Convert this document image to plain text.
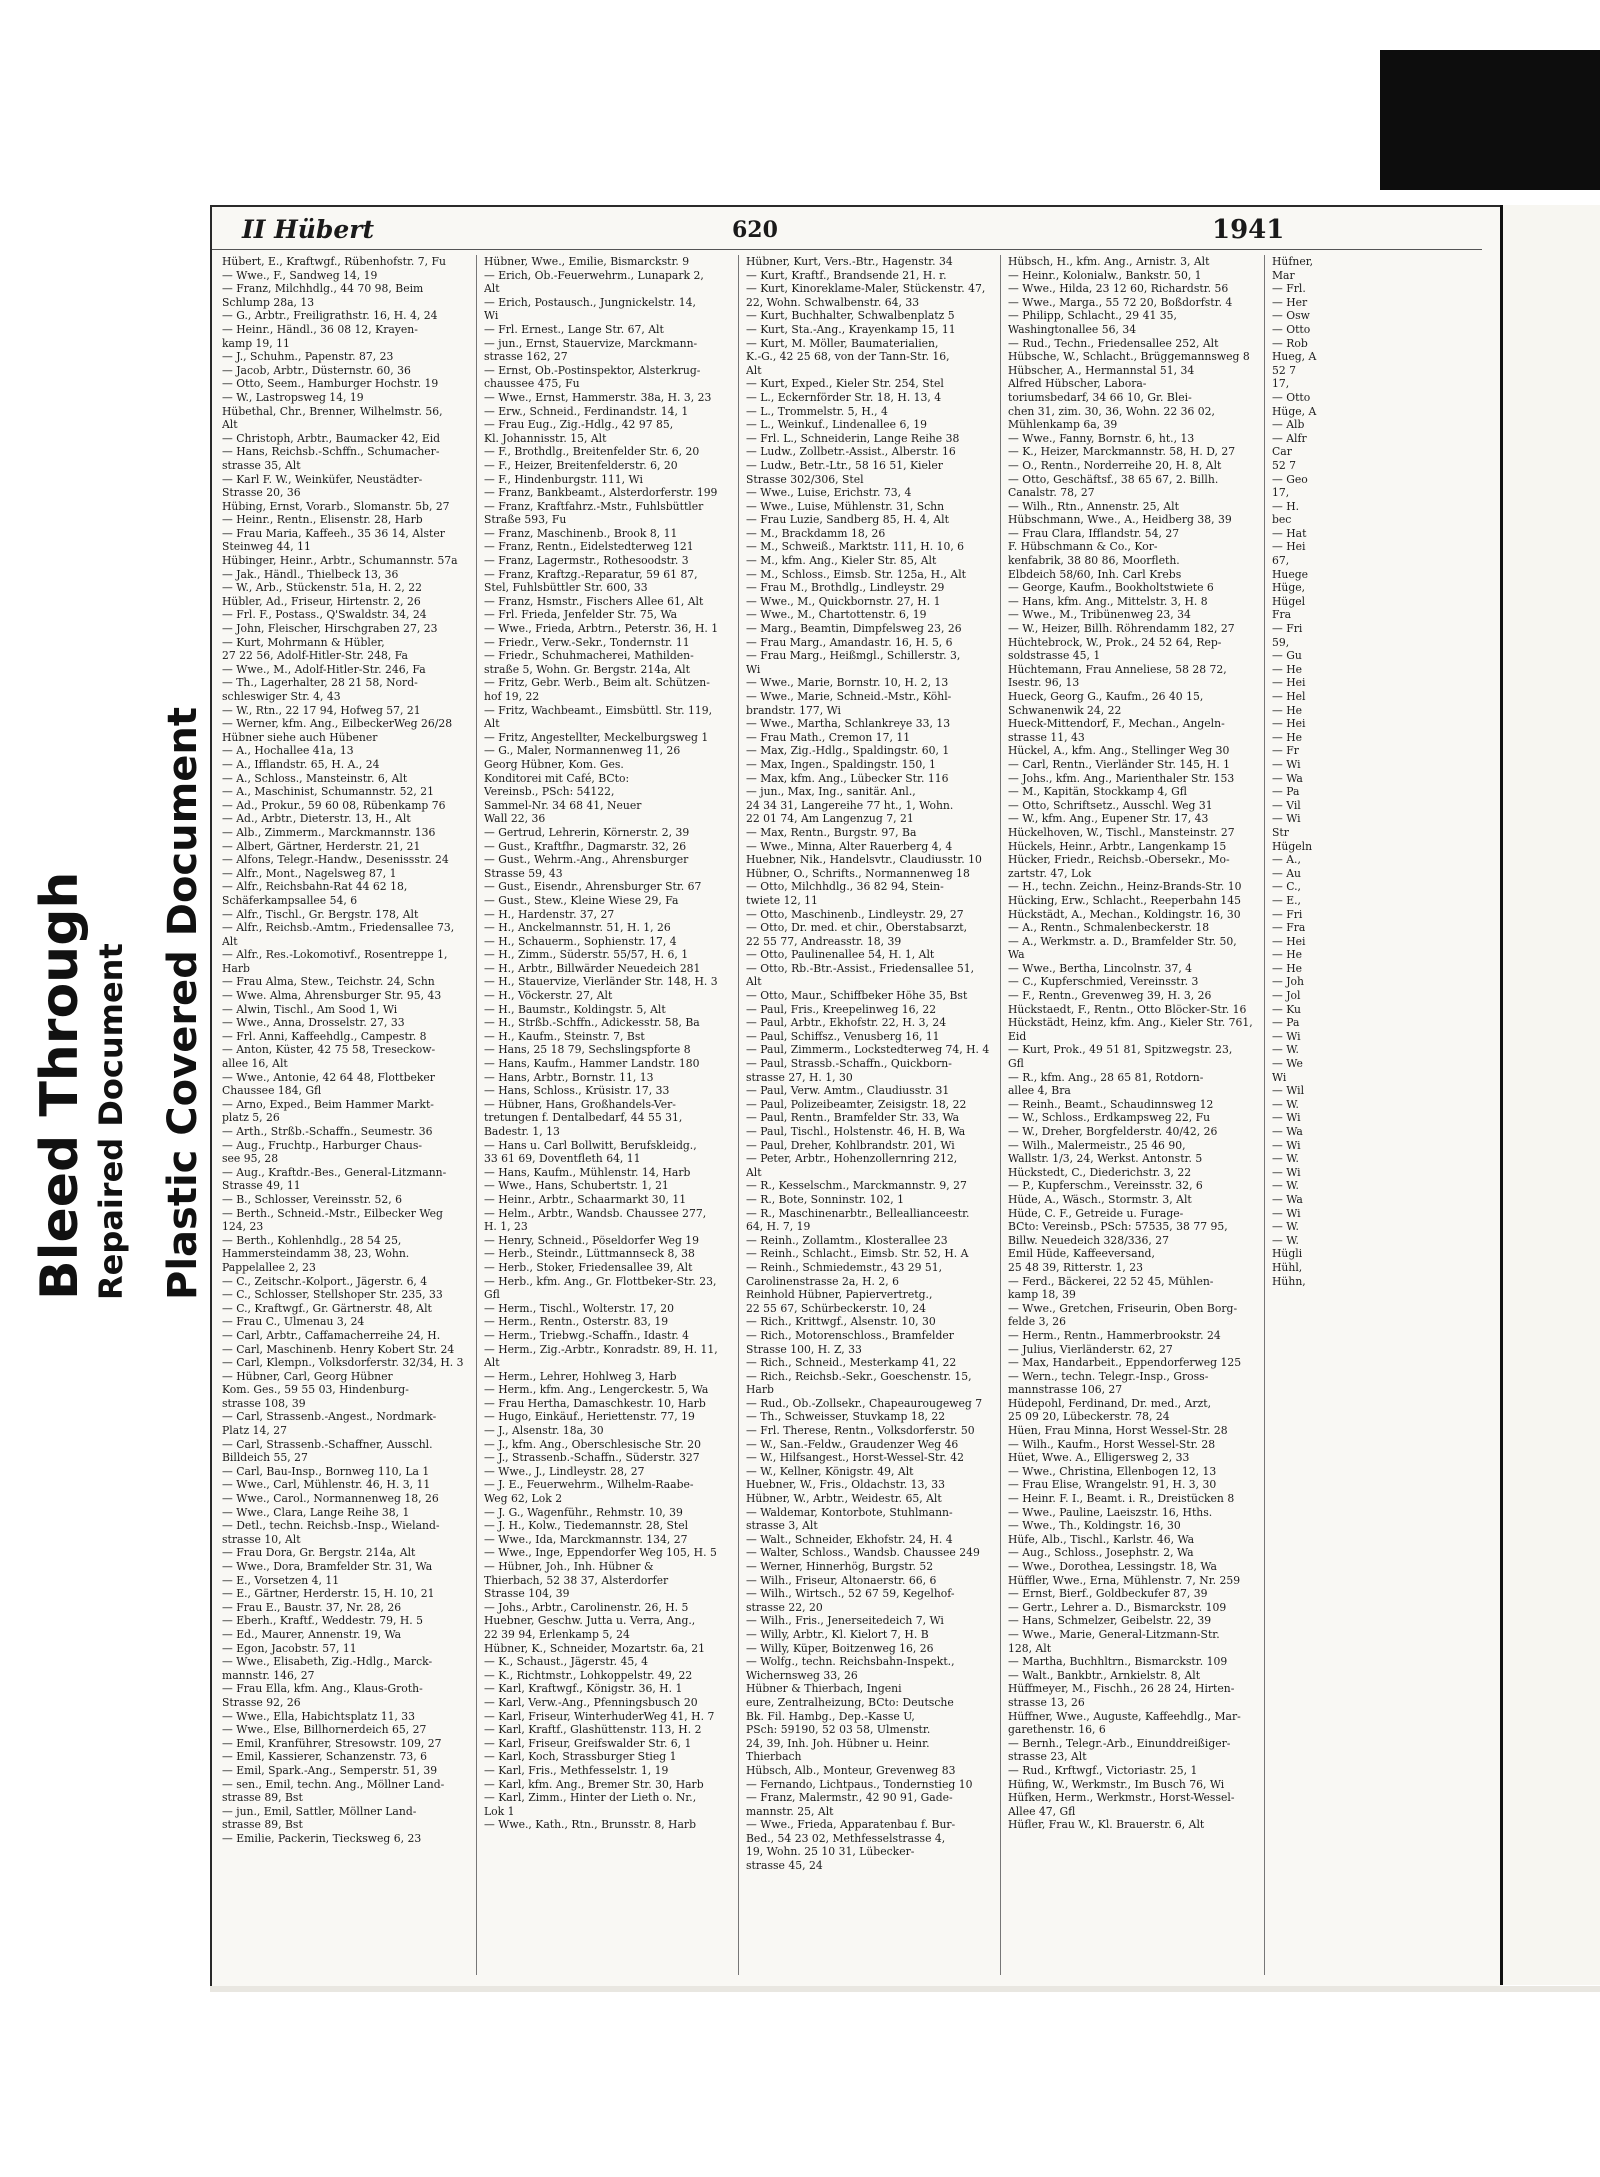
Bleed Through Repaired Document Plastic Covered Document
II Hübert	620	1941
Hübert, E., Kraftwgf., Rübenhofstr. 7, Fu
— Wwe., F., Sandweg 14, 19
— Franz, Milchhdlg., 44 70 98, Beim
Schlump 28a, 13
— G., Arbtr., Freiligrathstr. 16, H. 4, 24
— Heinr., Händl., 36 08 12, Krayen-
kamp 19, 11
— J., Schuhm., Papenstr. 87, 23
— Jacob, Arbtr., Düsternstr. 60, 36
— Otto, Seem., Hamburger Hochstr. 19
— W., Lastropsweg 14, 19
Hübethal, Chr., Brenner, Wilhelmstr. 56,
Alt
— Christoph, Arbtr., Baumacker 42, Eid
— Hans, Reichsb.-Schffn., Schumacher-
strasse 35, Alt
— Karl F. W., Weinküfer, Neustädter-
Strasse 20, 36
Hübing, Ernst, Vorarb., Slomanstr. 5b, 27
— Heinr., Rentn., Elisenstr. 28, Harb
— Frau Maria, Kaffeeh., 35 36 14, Alster
Steinweg 44, 11
Hübinger, Heinr., Arbtr., Schumannstr. 57a
— Jak., Händl., Thielbeck 13, 36
— W., Arb., Stückenstr. 51a, H. 2, 22
Hübler, Ad., Friseur, Hirtenstr. 2, 26
— Frl. F., Postass., Q'Swaldstr. 34, 24
— John, Fleischer, Hirschgraben 27, 23
— Kurt, Mohrmann & Hübler,
27 22 56, Adolf-Hitler-Str. 248, Fa
— Wwe., M., Adolf-Hitler-Str. 246, Fa
— Th., Lagerhalter, 28 21 58, Nord-
schleswiger Str. 4, 43
— W., Rtn., 22 17 94, Hofweg 57, 21
— Werner, kfm. Ang., EilbeckerWeg 26/28
Hübner siehe auch Hübener
— A., Hochallee 41a, 13
— A., Ifflandstr. 65, H. A., 24
— A., Schloss., Mansteinstr. 6, Alt
— A., Maschinist, Schumannstr. 52, 21
— Ad., Prokur., 59 60 08, Rübenkamp 76
— Ad., Arbtr., Dieterstr. 13, H., Alt
— Alb., Zimmerm., Marckmannstr. 136
— Albert, Gärtner, Herderstr. 21, 21
— Alfons, Telegr.-Handw., Desenissstr. 24
— Alfr., Mont., Nagelsweg 87, 1
— Alfr., Reichsbahn-Rat 44 62 18,
Schäferkampsallee 54, 6
— Alfr., Tischl., Gr. Bergstr. 178, Alt
— Alfr., Reichsb.-Amtm., Friedensallee 73,
Alt
— Alfr., Res.-Lokomotivf., Rosentreppe 1,
Harb
— Frau Alma, Stew., Teichstr. 24, Schn
— Wwe. Alma, Ahrensburger Str. 95, 43
— Alwin, Tischl., Am Sood 1, Wi
— Wwe., Anna, Drosselstr. 27, 33
— Frl. Anni, Kaffeehdlg., Campestr. 8
— Anton, Küster, 42 75 58, Treseckow-
allee 16, Alt
— Wwe., Antonie, 42 64 48, Flottbeker
Chaussee 184, Gfl
— Arno, Exped., Beim Hammer Markt-
platz 5, 26
— Arth., Strßb.-Schaffn., Seumestr. 36
— Aug., Fruchtp., Harburger Chaus-
see 95, 28
— Aug., Kraftdr.-Bes., General-Litzmann-
Strasse 49, 11
— B., Schlosser, Vereinsstr. 52, 6
— Berth., Schneid.-Mstr., Eilbecker Weg
124, 23
— Berth., Kohlenhdlg., 28 54 25,
Hammersteindamm 38, 23, Wohn.
Pappelallee 2, 23
— C., Zeitschr.-Kolport., Jägerstr. 6, 4
— C., Schlosser, Stellshoper Str. 235, 33
— C., Kraftwgf., Gr. Gärtnerstr. 48, Alt
— Frau C., Ulmenau 3, 24
— Carl, Arbtr., Caffamacherreihe 24, H.
— Carl, Maschinenb. Henry Kobert Str. 24
— Carl, Klempn., Volksdorferstr. 32/34, H. 3
— Hübner, Carl, Georg Hübner
Kom. Ges., 59 55 03, Hindenburg-
strasse 108, 39
— Carl, Strassenb.-Angest., Nordmark-
Platz 14, 27
— Carl, Strassenb.-Schaffner, Ausschl.
Billdeich 55, 27
— Carl, Bau-Insp., Bornweg 110, La 1
— Wwe., Carl, Mühlenstr. 46, H. 3, 11
— Wwe., Carol., Normannenweg 18, 26
— Wwe., Clara, Lange Reihe 38, 1
— Detl., techn. Reichsb.-Insp., Wieland-
strasse 10, Alt
— Frau Dora, Gr. Bergstr. 214a, Alt
— Wwe., Dora, Bramfelder Str. 31, Wa
— E., Vorsetzen 4, 11
— E., Gärtner, Herderstr. 15, H. 10, 21
— Frau E., Baustr. 37, Nr. 28, 26
— Eberh., Kraftf., Weddestr. 79, H. 5
— Ed., Maurer, Annenstr. 19, Wa
— Egon, Jacobstr. 57, 11
— Wwe., Elisabeth, Zig.-Hdlg., Marck-
mannstr. 146, 27
— Frau Ella, kfm. Ang., Klaus-Groth-
Strasse 92, 26
— Wwe., Ella, Habichtsplatz 11, 33
— Wwe., Else, Billhornerdeich 65, 27
— Emil, Kranführer, Stresowstr. 109, 27
— Emil, Kassierer, Schanzenstr. 73, 6
— Emil, Spark.-Ang., Semperstr. 51, 39
— sen., Emil, techn. Ang., Möllner Land-
strasse 89, Bst
— jun., Emil, Sattler, Möllner Land-
strasse 89, Bst
— Emilie, Packerin, Tiecksweg 6, 23
Hübner, Wwe., Emilie, Bismarckstr. 9
— Erich, Ob.-Feuerwehrm., Lunapark 2,
Alt
— Erich, Postausch., Jungnickelstr. 14,
Wi
— Frl. Ernest., Lange Str. 67, Alt
— jun., Ernst, Stauervize, Marckmann-
strasse 162, 27
— Ernst, Ob.-Postinspektor, Alsterkrug-
chaussee 475, Fu
— Wwe., Ernst, Hammerstr. 38a, H. 3, 23
— Erw., Schneid., Ferdinandstr. 14, 1
— Frau Eug., Zig.-Hdlg., 42 97 85,
Kl. Johannisstr. 15, Alt
— F., Brothdlg., Breitenfelder Str. 6, 20
— F., Heizer, Breitenfelderstr. 6, 20
— F., Hindenburgstr. 111, Wi
— Franz, Bankbeamt., Alsterdorferstr. 199
— Franz, Kraftfahrz.-Mstr., Fuhlsbüttler
Straße 593, Fu
— Franz, Maschinenb., Brook 8, 11
— Franz, Rentn., Eidelstedterweg 121
— Franz, Lagermstr., Rothesoodstr. 3
— Franz, Kraftzg.-Reparatur, 59 61 87,
Stel, Fuhlsbüttler Str. 600, 33
— Franz, Hsmstr., Fischers Allee 61, Alt
— Frl. Frieda, Jenfelder Str. 75, Wa
— Wwe., Frieda, Arbtrn., Peterstr. 36, H. 1
— Friedr., Verw.-Sekr., Tondernstr. 11
— Friedr., Schuhmacherei, Mathilden-
straße 5, Wohn. Gr. Bergstr. 214a, Alt
— Fritz, Gebr. Werb., Beim alt. Schützen-
hof 19, 22
— Fritz, Wachbeamt., Eimsbüttl. Str. 119,
Alt
— Fritz, Angestellter, Meckelburgsweg 1
— G., Maler, Normannenweg 11, 26
Georg Hübner, Kom. Ges.
Konditorei mit Café, BCto:
Vereinsb., PSch: 54122,
Sammel-Nr. 34 68 41, Neuer
Wall 22, 36
— Gertrud, Lehrerin, Körnerstr. 2, 39
— Gust., Kraftfhr., Dagmarstr. 32, 26
— Gust., Wehrm.-Ang., Ahrensburger
Strasse 59, 43
— Gust., Eisendr., Ahrensburger Str. 67
— Gust., Stew., Kleine Wiese 29, Fa
— H., Hardenstr. 37, 27
— H., Anckelmannstr. 51, H. 1, 26
— H., Schauerm., Sophienstr. 17, 4
— H., Zimm., Süderstr. 55/57, H. 6, 1
— H., Arbtr., Billwärder Neuedeich 281
— H., Stauervize, Vierländer Str. 148, H. 3
— H., Vöckerstr. 27, Alt
— H., Baumstr., Koldingstr. 5, Alt
— H., Strßb.-Schffn., Adickesstr. 58, Ba
— H., Kaufm., Steinstr. 7, Bst
— Hans, 25 18 79, Sechslingspforte 8
— Hans, Kaufm., Hammer Landstr. 180
— Hans, Arbtr., Bornstr. 11, 13
— Hans, Schloss., Krüsistr. 17, 33
— Hübner, Hans, Großhandels-Ver-
tretungen f. Dentalbedarf, 44 55 31,
Badestr. 1, 13
— Hans u. Carl Bollwitt, Berufskleidg.,
33 61 69, Doventfleth 64, 11
— Hans, Kaufm., Mühlenstr. 14, Harb
— Wwe., Hans, Schubertstr. 1, 21
— Heinr., Arbtr., Schaarmarkt 30, 11
— Helm., Arbtr., Wandsb. Chaussee 277,
H. 1, 23
— Henry, Schneid., Pöseldorfer Weg 19
— Herb., Steindr., Lüttmannseck 8, 38
— Herb., Stoker, Friedensallee 39, Alt
— Herb., kfm. Ang., Gr. Flottbeker-Str. 23,
Gfl
— Herm., Tischl., Wolterstr. 17, 20
— Herm., Rentn., Osterstr. 83, 19
— Herm., Triebwg.-Schaffn., Idastr. 4
— Herm., Zig.-Arbtr., Konradstr. 89, H. 11,
Alt
— Herm., Lehrer, Hohlweg 3, Harb
— Herm., kfm. Ang., Lengerckestr. 5, Wa
— Frau Hertha, Damaschkestr. 10, Harb
— Hugo, Einkäuf., Heriettenstr. 77, 19
— J., Alsenstr. 18a, 30
— J., kfm. Ang., Oberschlesische Str. 20
— J., Strassenb.-Schaffn., Süderstr. 327
— Wwe., J., Lindleystr. 28, 27
— J. E., Feuerwehrm., Wilhelm-Raabe-
Weg 62, Lok 2
— J. G., Wagenführ., Rehmstr. 10, 39
— J. H., Kolw., Tiedemannstr. 28, Stel
— Wwe., Ida, Marckmannstr. 134, 27
— Wwe., Inge, Eppendorfer Weg 105, H. 5
— Hübner, Joh., Inh. Hübner &
Thierbach, 52 38 37, Alsterdorfer
Strasse 104, 39
— Johs., Arbtr., Carolinenstr. 26, H. 5
Huebner, Geschw. Jutta u. Verra, Ang.,
22 39 94, Erlenkamp 5, 24
Hübner, K., Schneider, Mozartstr. 6a, 21
— K., Schaust., Jägerstr. 45, 4
— K., Richtmstr., Lohkoppelstr. 49, 22
— Karl, Kraftwgf., Königstr. 36, H. 1
— Karl, Verw.-Ang., Pfenningsbusch 20
— Karl, Friseur, WinterhuderWeg 41, H. 7
— Karl, Kraftf., Glashüttenstr. 113, H. 2
— Karl, Friseur, Greifswalder Str. 6, 1
— Karl, Koch, Strassburger Stieg 1
— Karl, Fris., Methfesselstr. 1, 19
— Karl, kfm. Ang., Bremer Str. 30, Harb
— Karl, Zimm., Hinter der Lieth o. Nr.,
Lok 1
— Wwe., Kath., Rtn., Brunsstr. 8, Harb
Hübner, Kurt, Vers.-Btr., Hagenstr. 34
— Kurt, Kraftf., Brandsende 21, H. r.
— Kurt, Kinoreklame-Maler, Stückenstr. 47,
22, Wohn. Schwalbenstr. 64, 33
— Kurt, Buchhalter, Schwalbenplatz 5
— Kurt, Sta.-Ang., Krayenkamp 15, 11
— Kurt, M. Möller, Baumaterialien,
K.-G., 42 25 68, von der Tann-Str. 16,
Alt
— Kurt, Exped., Kieler Str. 254, Stel
— L., Eckernförder Str. 18, H. 13, 4
— L., Trommelstr. 5, H., 4
— L., Weinkuf., Lindenallee 6, 19
— Frl. L., Schneiderin, Lange Reihe 38
— Ludw., Zollbetr.-Assist., Alberstr. 16
— Ludw., Betr.-Ltr., 58 16 51, Kieler
Strasse 302/306, Stel
— Wwe., Luise, Erichstr. 73, 4
— Wwe., Luise, Mühlenstr. 31, Schn
— Frau Luzie, Sandberg 85, H. 4, Alt
— M., Brackdamm 18, 26
— M., Schweiß., Marktstr. 111, H. 10, 6
— M., kfm. Ang., Kieler Str. 85, Alt
— M., Schloss., Eimsb. Str. 125a, H., Alt
— Frau M., Brothdlg., Lindleystr. 29
— Wwe., M., Quickbornstr. 27, H. 1
— Wwe., M., Chartottenstr. 6, 19
— Marg., Beamtin, Dimpfelsweg 23, 26
— Frau Marg., Amandastr. 16, H. 5, 6
— Frau Marg., Heißmgl., Schillerstr. 3,
Wi
— Wwe., Marie, Bornstr. 10, H. 2, 13
— Wwe., Marie, Schneid.-Mstr., Köhl-
brandstr. 177, Wi
— Wwe., Martha, Schlankreye 33, 13
— Frau Math., Cremon 17, 11
— Max, Zig.-Hdlg., Spaldingstr. 60, 1
— Max, Ingen., Spaldingstr. 150, 1
— Max, kfm. Ang., Lübecker Str. 116
— jun., Max, Ing., sanitär. Anl.,
24 34 31, Langereihe 77 ht., 1, Wohn.
22 01 74, Am Langenzug 7, 21
— Max, Rentn., Burgstr. 97, Ba
— Wwe., Minna, Alter Rauerberg 4, 4
Huebner, Nik., Handelsvtr., Claudiusstr. 10
Hübner, O., Schrifts., Normannenweg 18
— Otto, Milchhdlg., 36 82 94, Stein-
twiete 12, 11
— Otto, Maschinenb., Lindleystr. 29, 27
— Otto, Dr. med. et chir., Oberstabsarzt,
22 55 77, Andreasstr. 18, 39
— Otto, Paulinenallee 54, H. 1, Alt
— Otto, Rb.-Btr.-Assist., Friedensallee 51,
Alt
— Otto, Maur., Schiffbeker Höhe 35, Bst
— Paul, Fris., Kreepelinweg 16, 22
— Paul, Arbtr., Ekhofstr. 22, H. 3, 24
— Paul, Schiffsz., Venusberg 16, 11
— Paul, Zimmerm., Lockstedterweg 74, H. 4
— Paul, Strassb.-Schaffn., Quickborn-
strasse 27, H. 1, 30
— Paul, Verw. Amtm., Claudiusstr. 31
— Paul, Polizeibeamter, Zeisigstr. 18, 22
— Paul, Rentn., Bramfelder Str. 33, Wa
— Paul, Tischl., Holstenstr. 46, H. B, Wa
— Paul, Dreher, Kohlbrandstr. 201, Wi
— Peter, Arbtr., Hohenzollernring 212,
Alt
— R., Kesselschm., Marckmannstr. 9, 27
— R., Bote, Sonninstr. 102, 1
— R., Maschinenarbtr., Belleallianceestr.
64, H. 7, 19
— Reinh., Zollamtm., Klosterallee 23
— Reinh., Schlacht., Eimsb. Str. 52, H. A
— Reinh., Schmiedemstr., 43 29 51,
Carolinenstrasse 2a, H. 2, 6
Reinhold Hübner, Papiervertretg.,
22 55 67, Schürbeckerstr. 10, 24
— Rich., Krittwgf., Alsenstr. 10, 30
— Rich., Motorenschloss., Bramfelder
Strasse 100, H. Z, 33
— Rich., Schneid., Mesterkamp 41, 22
— Rich., Reichsb.-Sekr., Goeschenstr. 15,
Harb
— Rud., Ob.-Zollsekr., Chapeaurougeweg 7
— Th., Schweisser, Stuvkamp 18, 22
— Frl. Therese, Rentn., Volksdorferstr. 50
— W., San.-Feldw., Graudenzer Weg 46
— W., Hilfsangest., Horst-Wessel-Str. 42
— W., Kellner, Königstr. 49, Alt
Huebner, W., Fris., Oldachstr. 13, 33
Hübner, W., Arbtr., Weidestr. 65, Alt
— Waldemar, Kontorbote, Stuhlmann-
strasse 3, Alt
— Walt., Schneider, Ekhofstr. 24, H. 4
— Walter, Schloss., Wandsb. Chaussee 249
— Werner, Hinnerhög, Burgstr. 52
— Wilh., Friseur, Altonaerstr. 66, 6
— Wilh., Wirtsch., 52 67 59, Kegelhof-
strasse 22, 20
— Wilh., Fris., Jenerseitedeich 7, Wi
— Willy, Arbtr., Kl. Kielort 7, H. B
— Willy, Küper, Boitzenweg 16, 26
— Wolfg., techn. Reichsbahn-Inspekt.,
Wichernsweg 33, 26
Hübner & Thierbach, Ingeni
eure, Zentralheizung, BCto: Deutsche
Bk. Fil. Hambg., Dep.-Kasse U,
PSch: 59190, 52 03 58, Ulmenstr.
24, 39, Inh. Joh. Hübner u. Heinr.
Thierbach
Hübsch, Alb., Monteur, Grevenweg 83
— Fernando, Lichtpaus., Tondernstieg 10
— Franz, Malermstr., 42 90 91, Gade-
mannstr. 25, Alt
— Wwe., Frieda, Apparatenbau f. Bur-
Bed., 54 23 02, Methfesselstrasse 4,
19, Wohn. 25 10 31, Lübecker-
strasse 45, 24
Hübsch, H., kfm. Ang., Arnistr. 3, Alt
— Heinr., Kolonialw., Bankstr. 50, 1
— Wwe., Hilda, 23 12 60, Richardstr. 56
— Wwe., Marga., 55 72 20, Boßdorfstr. 4
— Philipp, Schlacht., 29 41 35,
Washingtonallee 56, 34
— Rud., Techn., Friedensallee 252, Alt
Hübsche, W., Schlacht., Brüggemannsweg 8
Hübscher, A., Hermannstal 51, 34
Alfred Hübscher, Labora-
toriumsbedarf, 34 66 10, Gr. Blei-
chen 31, zim. 30, 36, Wohn. 22 36 02,
Mühlenkamp 6a, 39
— Wwe., Fanny, Bornstr. 6, ht., 13
— K., Heizer, Marckmannstr. 58, H. D, 27
— O., Rentn., Norderreihe 20, H. 8, Alt
— Otto, Geschäftsf., 38 65 67, 2. Billh.
Canalstr. 78, 27
— Wilh., Rtn., Annenstr. 25, Alt
Hübschmann, Wwe., A., Heidberg 38, 39
— Frau Clara, Ifflandstr. 54, 27
F. Hübschmann & Co., Kor-
kenfabrik, 38 80 86, Moorfleth.
Elbdeich 58/60, Inh. Carl Krebs
— George, Kaufm., Bookholtstwiete 6
— Hans, kfm. Ang., Mittelstr. 3, H. 8
— Wwe., M., Tribünenweg 23, 34
— W., Heizer, Billh. Röhrendamm 182, 27
Hüchtebrock, W., Prok., 24 52 64, Rep-
soldstrasse 45, 1
Hüchtemann, Frau Anneliese, 58 28 72,
Isestr. 96, 13
Hueck, Georg G., Kaufm., 26 40 15,
Schwanenwik 24, 22
Hueck-Mittendorf, F., Mechan., Angeln-
strasse 11, 43
Hückel, A., kfm. Ang., Stellinger Weg 30
— Carl, Rentn., Vierländer Str. 145, H. 1
— Johs., kfm. Ang., Marienthaler Str. 153
— M., Kapitän, Stockkamp 4, Gfl
— Otto, Schriftsetz., Ausschl. Weg 31
— W., kfm. Ang., Eupener Str. 17, 43
Hückelhoven, W., Tischl., Mansteinstr. 27
Hückels, Heinr., Arbtr., Langenkamp 15
Hücker, Friedr., Reichsb.-Obersekr., Mo-
zartstr. 47, Lok
— H., techn. Zeichn., Heinz-Brands-Str. 10
Hücking, Erw., Schlacht., Reeperbahn 145
Hückstädt, A., Mechan., Koldingstr. 16, 30
— A., Rentn., Schmalenbeckerstr. 18
— A., Werkmstr. a. D., Bramfelder Str. 50,
Wa
— Wwe., Bertha, Lincolnstr. 37, 4
— C., Kupferschmied, Vereinsstr. 3
— F., Rentn., Grevenweg 39, H. 3, 26
Hückstaedt, F., Rentn., Otto Blöcker-Str. 16
Hückstädt, Heinz, kfm. Ang., Kieler Str. 761,
Eid
— Kurt, Prok., 49 51 81, Spitzwegstr. 23,
Gfl
— R., kfm. Ang., 28 65 81, Rotdorn-
allee 4, Bra
— Reinh., Beamt., Schaudinnsweg 12
— W., Schloss., Erdkampsweg 22, Fu
— W., Dreher, Borgfelderstr. 40/42, 26
— Wilh., Malermeistr., 25 46 90,
Wallstr. 1/3, 24, Werkst. Antonstr. 5
Hückstedt, C., Diederichstr. 3, 22
— P., Kupferschm., Vereinsstr. 32, 6
Hüde, A., Wäsch., Stormstr. 3, Alt
Hüde, C. F., Getreide u. Furage-
BCto: Vereinsb., PSch: 57535, 38 77 95,
Billw. Neuedeich 328/336, 27
Emil Hüde, Kaffeeversand,
25 48 39, Ritterstr. 1, 23
— Ferd., Bäckerei, 22 52 45, Mühlen-
kamp 18, 39
— Wwe., Gretchen, Friseurin, Oben Borg-
felde 3, 26
— Herm., Rentn., Hammerbrookstr. 24
— Julius, Vierländerstr. 62, 27
— Max, Handarbeit., Eppendorferweg 125
— Wern., techn. Telegr.-Insp., Gross-
mannstrasse 106, 27
Hüdepohl, Ferdinand, Dr. med., Arzt,
25 09 20, Lübeckerstr. 78, 24
Hüen, Frau Minna, Horst Wessel-Str. 28
— Wilh., Kaufm., Horst Wessel-Str. 28
Hüet, Wwe. A., Elligersweg 2, 33
— Wwe., Christina, Ellenbogen 12, 13
— Frau Elise, Wrangelstr. 91, H. 3, 30
— Heinr. F. I., Beamt. i. R., Dreistücken 8
— Wwe., Pauline, Laeiszstr. 16, Hths.
— Wwe., Th., Koldingstr. 16, 30
Hüfe, Alb., Tischl., Karlstr. 46, Wa
— Aug., Schloss., Josephstr. 2, Wa
— Wwe., Dorothea, Lessingstr. 18, Wa
Hüffler, Wwe., Erna, Mühlenstr. 7, Nr. 259
— Ernst, Bierf., Goldbeckufer 87, 39
— Gertr., Lehrer a. D., Bismarckstr. 109
— Hans, Schmelzer, Geibelstr. 22, 39
— Wwe., Marie, General-Litzmann-Str.
128, Alt
— Martha, Buchhltrn., Bismarckstr. 109
— Walt., Bankbtr., Arnkielstr. 8, Alt
Hüffmeyer, M., Fischh., 26 28 24, Hirten-
strasse 13, 26
Hüffner, Wwe., Auguste, Kaffeehdlg., Mar-
garethenstr. 16, 6
— Bernh., Telegr.-Arb., Einunddreißiger-
strasse 23, Alt
— Rud., Krftwgf., Victoriastr. 25, 1
Hüfing, W., Werkmstr., Im Busch 76, Wi
Hüfken, Herm., Werkmstr., Horst-Wessel-
Allee 47, Gfl
Hüfler, Frau W., Kl. Brauerstr. 6, Alt
Hüfner,
Mar
— Frl.
— Her
— Osw
— Otto
— Rob
Hueg, A
52 7
17,
— Otto
Hüge, A
— Alb
— Alfr
Car
52 7
— Geo
17,
— H.
bec
— Hat
— Hei
67,
Huege
Hüge,
Hügel
Fra
— Fri
59,
— Gu
— He
— Hei
— Hel
— He
— Hei
— He
— Fr
— Wi
— Wa
— Pa
— Vil
— Wi
Str
Hügeln
— A.,
— Au
— C.,
— E.,
— Fri
— Fra
— Hei
— He
— He
— Joh
— Jol
— Ku
— Pa
— Wi
— W.
— We
Wi
— Wil
— W.
— Wi
— Wa
— Wi
— W.
— Wi
— W.
— Wa
— Wi
— W.
— W.
Hügli
Hühl,
Hühn,
